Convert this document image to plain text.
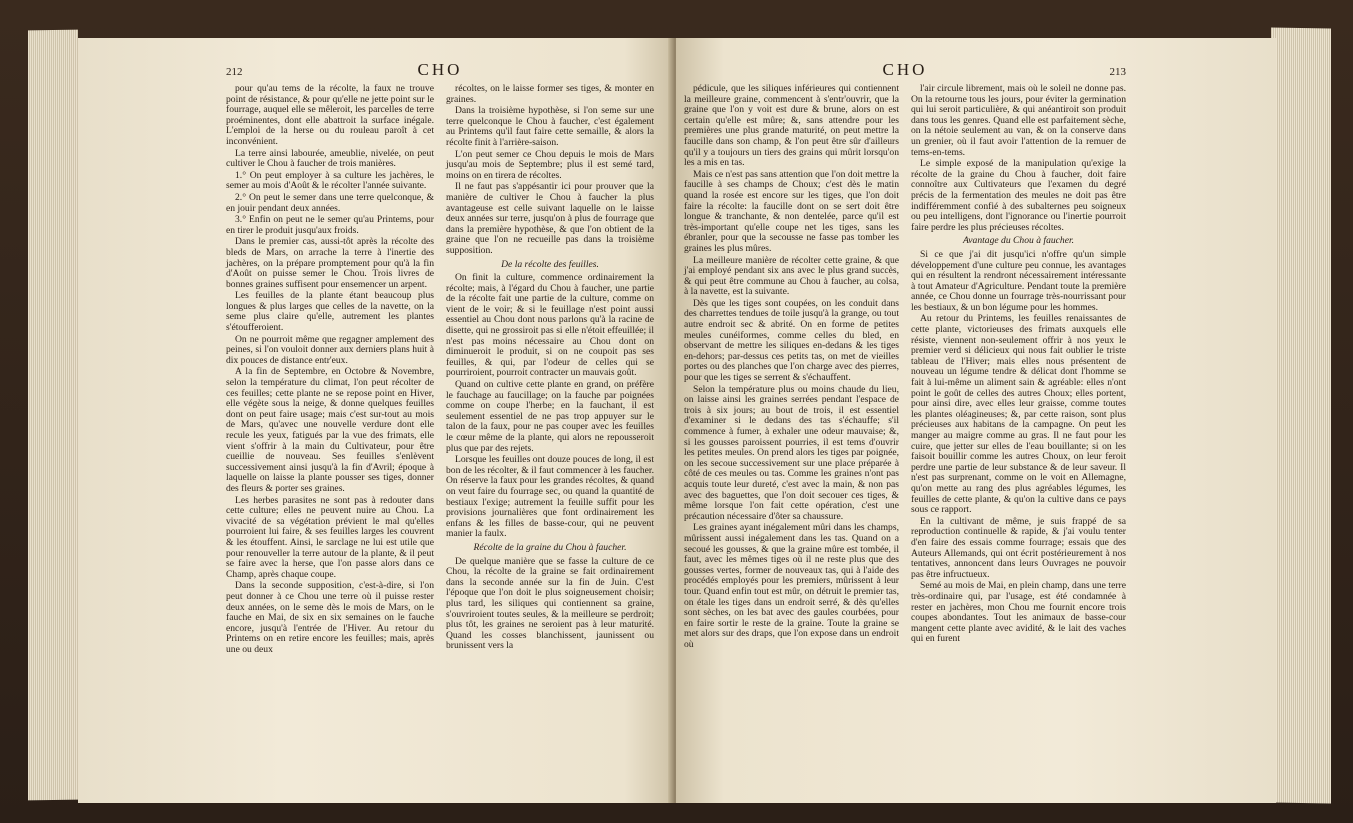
212	CHO

pour qu'au tems de la récolte, la faux ne trouve point de résistance, & pour qu'elle ne jette point sur le fourrage, auquel elle se mêleroit, les parcelles de terre proéminentes, dont elle abattroit la surface inégale. L'emploi de la herse ou du rouleau paroît à cet inconvénient.

La terre ainsi labourée, ameublie, nivelée, on peut cultiver le Chou à faucher de trois manières.

1.° On peut employer à sa culture les jachères, le semer au mois d'Août & le récolter l'année suivante.

2.° On peut le semer dans une terre quelconque, & en jouir pendant deux années.

3.° Enfin on peut ne le semer qu'au Printems, pour en tirer le produit jusqu'aux froids.

Dans le premier cas, aussi-tôt après la récolte des bleds de Mars, on arrache la terre à l'inertie des jachères, on la prépare promptement pour qu'à la fin d'Août on puisse semer le Chou. Trois livres de bonnes graines suffisent pour ensemencer un arpent.

Les feuilles de la plante étant beaucoup plus longues & plus larges que celles de la navette, on la seme plus claire qu'elle, autrement les plantes s'étoufferoient.

On ne pourroit même que regagner amplement des peines, si l'on vouloit donner aux derniers plans huit à dix pouces de distance entr'eux.

A la fin de Septembre, en Octobre & Novembre, selon la température du climat, l'on peut récolter de ces feuilles; cette plante ne se repose point en Hiver, elle végète sous la neige, & donne quelques feuilles dont on peut faire usage; mais c'est sur-tout au mois de Mars, qu'avec une nouvelle verdure dont elle recule les yeux, fatigués par la vue des frimats, elle vient s'offrir à la main du Cultivateur, pour être cueillie de nouveau. Ses feuilles s'enlèvent successivement ainsi jusqu'à la fin d'Avril; époque à laquelle on laisse la plante pousser ses tiges, donner des fleurs & porter ses graines.

Les herbes parasites ne sont pas à redouter dans cette culture; elles ne peuvent nuire au Chou. La vivacité de sa végétation prévient le mal qu'elles pourroient lui faire, & ses feuilles larges les couvrent & les étouffent. Ainsi, le sarclage ne lui est utile que pour renouveller la terre autour de la plante, & il peut se faire avec la herse, que l'on passe alors dans ce Champ, après chaque coupe.

Dans la seconde supposition, c'est-à-dire, si l'on peut donner à ce Chou une terre où il puisse rester deux années, on le seme dès le mois de Mars, on le fauche en Mai, de six en six semaines on le fauche encore, jusqu'à l'entrée de l'Hiver. Au retour du Printems on en retire encore les feuilles; mais, après une ou deux

récoltes, on le laisse former ses tiges, & monter en graines.

Dans la troisième hypothèse, si l'on seme sur une terre quelconque le Chou à faucher, c'est également au Printems qu'il faut faire cette semaille, & alors la récolte finit à l'arrière-saison.

L'on peut semer ce Chou depuis le mois de Mars jusqu'au mois de Septembre; plus il est semé tard, moins on en tirera de récoltes.

Il ne faut pas s'appésantir ici pour prouver que la manière de cultiver le Chou à faucher la plus avantageuse est celle suivant laquelle on le laisse deux années sur terre, jusqu'on à plus de fourrage que dans la première hypothèse, & que l'on obtient de la graine que l'on ne recueille pas dans la troisième supposition.

De la récolte des feuilles.

On finit la culture, commence ordinairement la récolte; mais, à l'égard du Chou à faucher, une partie de la récolte fait une partie de la culture, comme on vient de le voir; & si le feuillage n'est point aussi essentiel au Chou dont nous parlons qu'à la racine de disette, qui ne grossiroit pas si elle n'étoit effeuillée; il n'est pas moins nécessaire au Chou dont on diminueroit le produit, si on ne coupoit pas ses feuilles, & qui, par l'odeur de celles qui se pourriroient, pourroit contracter un mauvais goût.

Quand on cultive cette plante en grand, on préfère le fauchage au faucillage; on la fauche par poignées comme on coupe l'herbe; en la fauchant, il est seulement essentiel de ne pas trop appuyer sur le talon de la faux, pour ne pas couper avec les feuilles le cœur même de la plante, qui alors ne repousseroit plus que par des rejets.

Lorsque les feuilles ont douze pouces de long, il est bon de les récolter, & il faut commencer à les faucher. On réserve la faux pour les grandes récoltes, & quand on veut faire du fourrage sec, ou quand la quantité de bestiaux l'exige; autrement la feuille suffit pour les provisions journalières que font ordinairement les enfans & les filles de basse-cour, qui ne peuvent manier la faulx.

Récolte de la graine du Chou à faucher.

De quelque manière que se fasse la culture de ce Chou, la récolte de la graine se fait ordinairement dans la seconde année sur la fin de Juin. C'est l'époque que l'on doit le plus soigneusement choisir; plus tard, les siliques qui contiennent sa graine, s'ouvriroient toutes seules, & la meilleure se perdroit; plus tôt, les graines ne seroient pas à leur maturité. Quand les cosses blanchissent, jaunissent ou brunissent vers la

CHO	213

pédicule, que les siliques inférieures qui contiennent la meilleure graine, commencent à s'entr'ouvrir, que la graine que l'on y voit est dure & brune, alors on est certain qu'elle est mûre; &, sans attendre pour les premières une plus grande maturité, on peut mettre la faucille dans son champ, & l'on peut être sûr d'ailleurs qu'il y a toujours un tiers des grains qui mûrit lorsqu'on les a mis en tas.

Mais ce n'est pas sans attention que l'on doit mettre la faucille à ses champs de Choux; c'est dès le matin quand la rosée est encore sur les tiges, que l'on doit faire la récolte: la faucille dont on se sert doit être longue & tranchante, & non dentelée, parce qu'il est très-important qu'elle coupe net les tiges, sans les ébranler, pour que la secousse ne fasse pas tomber les graines les plus mûres.

La meilleure manière de récolter cette graine, & que j'ai employé pendant six ans avec le plus grand succès, & qui peut être commune au Chou à faucher, au colsa, à la navette, est la suivante.

Dès que les tiges sont coupées, on les conduit dans des charrettes tendues de toile jusqu'à la grange, ou tout autre endroit sec & abrité. On en forme de petites meules cunéiformes, comme celles du bled, en observant de mettre les siliques en-dedans & les tiges en-dehors; par-dessus ces petits tas, on met de vieilles portes ou des planches que l'on charge avec des pierres, pour que les tiges se serrent & s'échauffent.

Selon la température plus ou moins chaude du lieu, on laisse ainsi les graines serrées pendant l'espace de trois à six jours; au bout de trois, il est essentiel d'examiner si le dedans des tas s'échauffe; s'il commence à fumer, à exhaler une odeur mauvaise; &, si les gousses paroissent pourries, il est tems d'ouvrir les petites meules. On prend alors les tiges par poignée, on les secoue successivement sur une place préparée à côté de ces meules ou tas. Comme les graines n'ont pas acquis toute leur dureté, c'est avec la main, & non pas avec des baguettes, que l'on doit secouer ces tiges, & même lorsque l'on fait cette opération, c'est une précaution nécessaire d'ôter sa chaussure.

Les graines ayant inégalement mûri dans les champs, mûrissent aussi inégalement dans les tas. Quand on a secoué les gousses, & que la graine mûre est tombée, il faut, avec les mêmes tiges où il ne reste plus que des gousses vertes, former de nouveaux tas, qui à l'aide des procédés employés pour les premiers, mûrissent à leur tour. Quand enfin tout est mûr, on détruit le premier tas, on étale les tiges dans un endroit serré, & dès qu'elles sont sèches, on les bat avec des gaules courbées, pour en faire sortir le reste de la graine. Toute la graine se met alors sur des draps, que l'on expose dans un endroit où

l'air circule librement, mais où le soleil ne donne pas. On la retourne tous les jours, pour éviter la germination qui lui seroit particulière, & qui anéantiroit son produit dans tous les genres. Quand elle est parfaitement sèche, on la nétoie seulement au van, & on la conserve dans un grenier, où il faut avoir l'attention de la remuer de tems-en-tems.

Le simple exposé de la manipulation qu'exige la récolte de la graine du Chou à faucher, doit faire connoître aux Cultivateurs que l'examen du degré précis de la fermentation des meules ne doit pas être indifféremment confié à des subalternes peu soigneux ou peu intelligens, dont l'ignorance ou l'inertie pourroit faire perdre les plus précieuses récoltes.

Avantage du Chou à faucher.

Si ce que j'ai dit jusqu'ici n'offre qu'un simple développement d'une culture peu connue, les avantages qui en résultent la rendront nécessairement intéressante à tout Amateur d'Agriculture. Pendant toute la première année, ce Chou donne un fourrage très-nourrissant pour les bestiaux, & un bon légume pour les hommes.

Au retour du Printems, les feuilles renaissantes de cette plante, victorieuses des frimats auxquels elle résiste, viennent non-seulement offrir à nos yeux le premier verd si délicieux qui nous fait oublier le triste tableau de l'Hiver; mais elles nous présentent de nouveau un légume tendre & délicat dont l'homme se fait à lui-même un aliment sain & agréable: elles n'ont point le goût de celles des autres Choux; elles portent, pour ainsi dire, avec elles leur graisse, comme toutes les plantes oléagineuses; &, par cette raison, sont plus précieuses aux habitans de la campagne. On peut les manger au maigre comme au gras. Il ne faut pour les cuire, que jetter sur elles de l'eau bouillante; si on les faisoit bouillir comme les autres Choux, on leur feroit perdre une partie de leur substance & de leur saveur. Il n'est pas surprenant, comme on le voit en Allemagne, qu'on mette au rang des plus agréables légumes, les feuilles de cette plante, & qu'on la cultive dans ce pays sous ce rapport.

En la cultivant de même, je suis frappé de sa reproduction continuelle & rapide, & j'ai voulu tenter d'en faire des essais comme fourrage; essais que des Auteurs Allemands, qui ont écrit postérieurement à nos tentatives, annoncent dans leurs Ouvrages ne pouvoir pas être infructueux.

Semé au mois de Mai, en plein champ, dans une terre très-ordinaire qui, par l'usage, est été condamnée à rester en jachères, mon Chou me fournit encore trois coupes abondantes. Tout les animaux de basse-cour mangent cette plante avec avidité, & le lait des vaches qui en furent
